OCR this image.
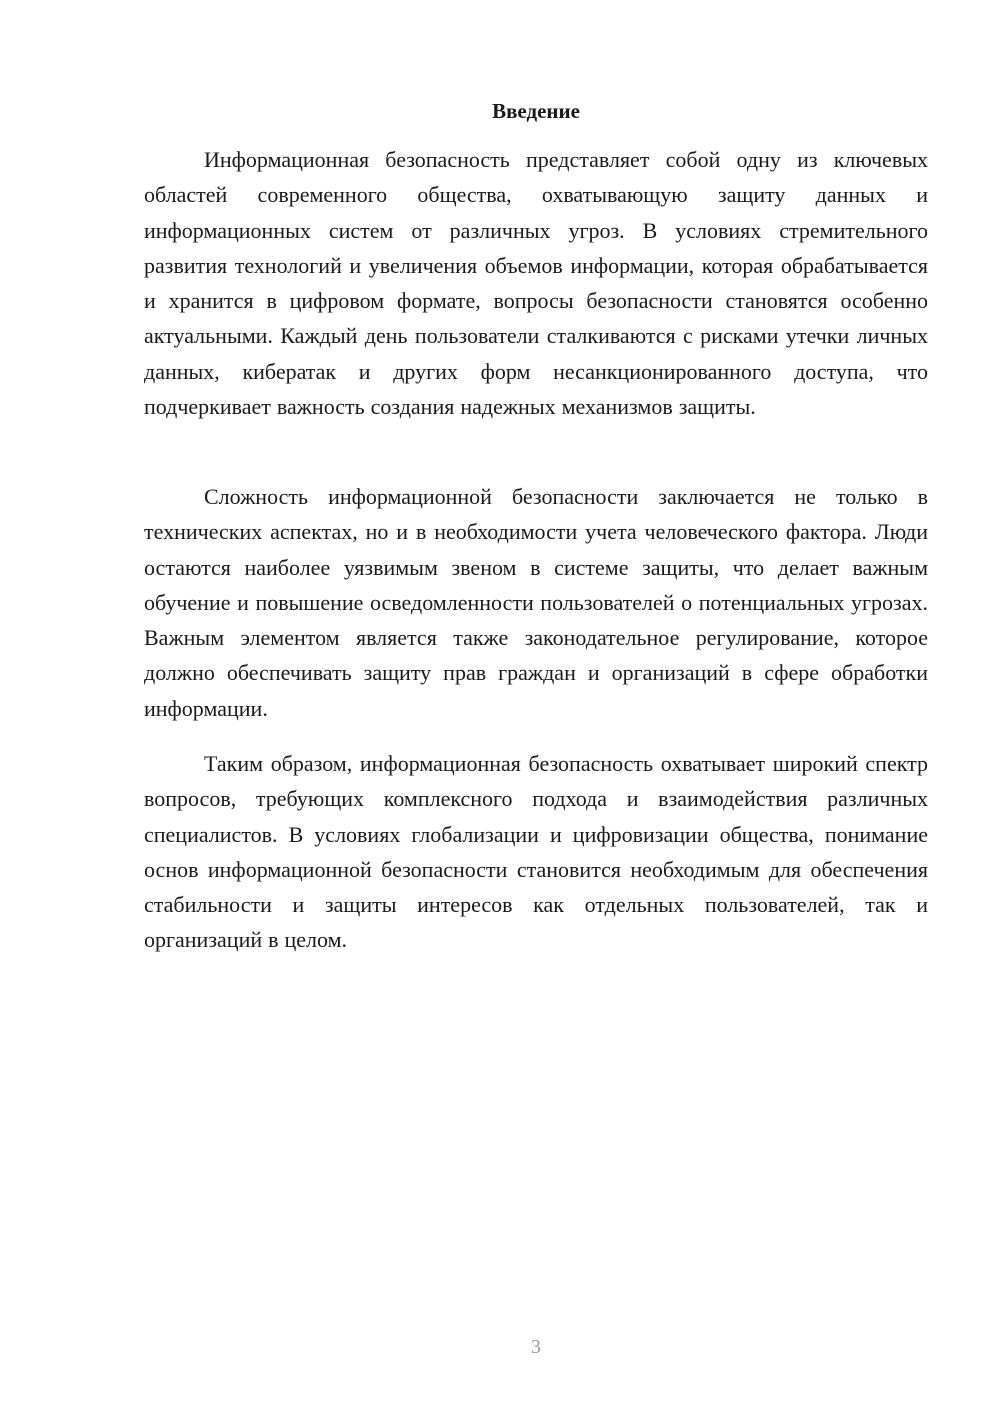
Введение

Информационная безопасность представляет собой одну из ключевых областей современного общества, охватывающую защиту данных и информационных систем от различных угроз. В условиях стремительного развития технологий и увеличения объемов информации, которая обрабатывается и хранится в цифровом формате, вопросы безопасности становятся особенно актуальными. Каждый день пользователи сталкиваются с рисками утечки личных данных, кибератак и других форм несанкционированного доступа, что подчеркивает важность создания надежных механизмов защиты.

Сложность информационной безопасности заключается не только в технических аспектах, но и в необходимости учета человеческого фактора. Люди остаются наиболее уязвимым звеном в системе защиты, что делает важным обучение и повышение осведомленности пользователей о потенциальных угрозах. Важным элементом является также законодательное регулирование, которое должно обеспечивать защиту прав граждан и организаций в сфере обработки информации.

Таким образом, информационная безопасность охватывает широкий спектр вопросов, требующих комплексного подхода и взаимодействия различных специалистов. В условиях глобализации и цифровизации общества, понимание основ информационной безопасности становится необходимым для обеспечения стабильности и защиты интересов как отдельных пользователей, так и организаций в целом.

3
